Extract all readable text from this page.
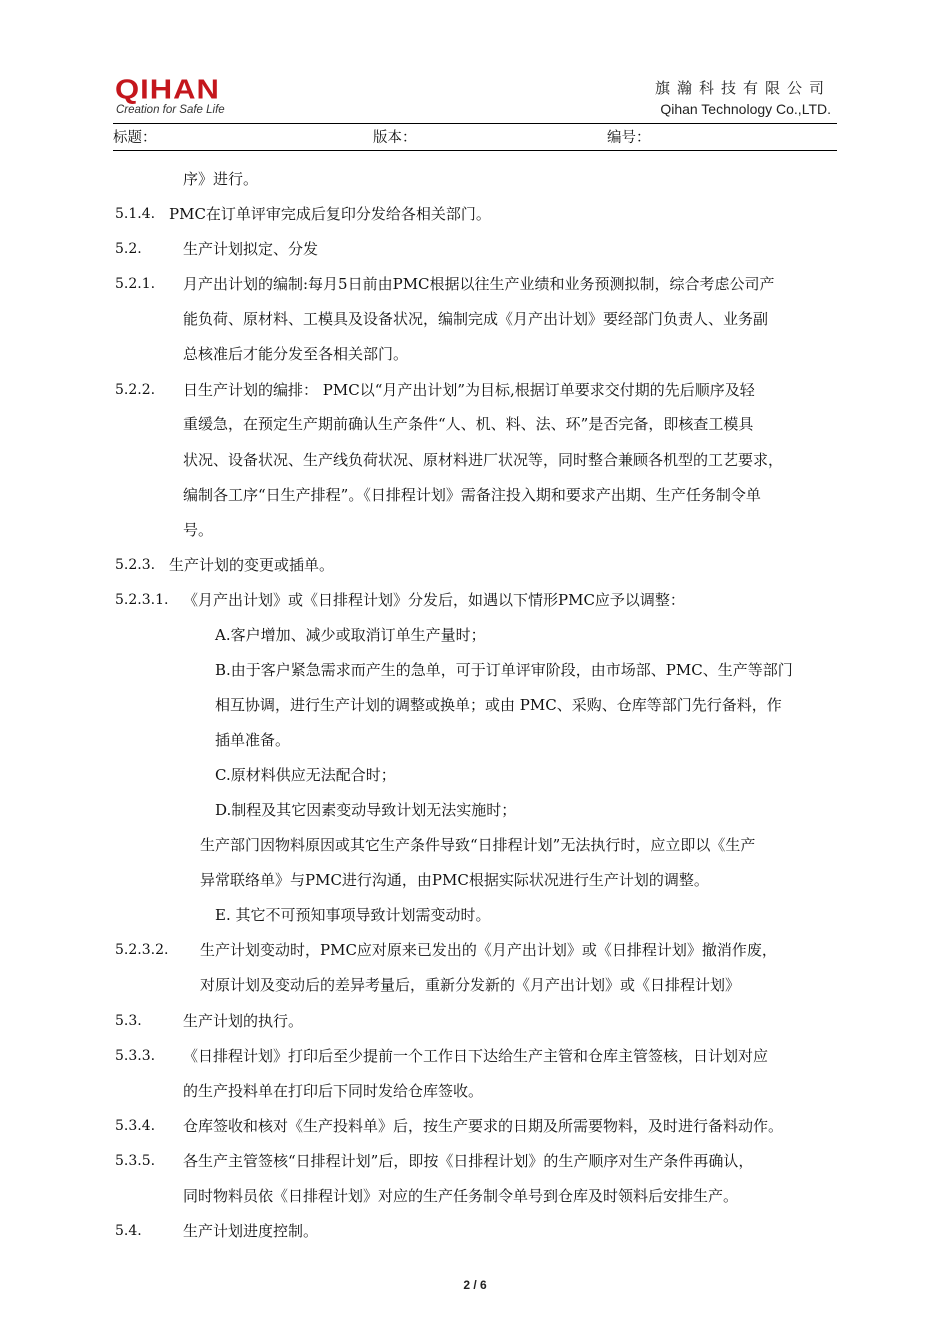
QIHAN
Creation for Safe Life
旗瀚科技有限公司
Qihan Technology Co.,LTD.
标题：	版本：	编号：
序》进行。
5.1.4. PMC在订单评审完成后复印分发给各相关部门。
5.2.	生产计划拟定、分发
5.2.1. 月产出计划的编制:每月5日前由PMC根据以往生产业绩和业务预测拟制，综合考虑公司产
能负荷、原材料、工模具及设备状况，编制完成《月产出计划》要经部门负责人、业务副
总核准后才能分发至各相关部门。
5.2.2. 日生产计划的编排： PMC以“月产出计划”为目标,根据订单要求交付期的先后顺序及轻
重缓急，在预定生产期前确认生产条件“人、机、料、法、环”是否完备，即核查工模具
状况、设备状况、生产线负荷状况、原材料进厂状况等，同时整合兼顾各机型的工艺要求，
编制各工序“日生产排程”。《日排程计划》需备注投入期和要求产出期、生产任务制令单
号。
5.2.3. 生产计划的变更或插单。
5.2.3.1. 《月产出计划》或《日排程计划》分发后，如遇以下情形PMC应予以调整：
A.客户增加、减少或取消订单生产量时；
B.由于客户紧急需求而产生的急单，可于订单评审阶段，由市场部、PMC、生产等部门
相互协调，进行生产计划的调整或换单；或由 PMC、采购、仓库等部门先行备料，作
插单准备。
C.原材料供应无法配合时；
D.制程及其它因素变动导致计划无法实施时；
生产部门因物料原因或其它生产条件导致“日排程计划”无法执行时，应立即以《生产
异常联络单》与PMC进行沟通，由PMC根据实际状况进行生产计划的调整。
E. 其它不可预知事项导致计划需变动时。
5.2.3.2. 生产计划变动时，PMC应对原来已发出的《月产出计划》或《日排程计划》撤消作废，
对原计划及变动后的差异考量后，重新分发新的《月产出计划》或《日排程计划》
5.3.	生产计划的执行。
5.3.3. 《日排程计划》打印后至少提前一个工作日下达给生产主管和仓库主管签核，日计划对应
的生产投料单在打印后下同时发给仓库签收。
5.3.4. 仓库签收和核对《生产投料单》后，按生产要求的日期及所需要物料，及时进行备料动作。
5.3.5. 各生产主管签核“日排程计划”后，即按《日排程计划》的生产顺序对生产条件再确认，
同时物料员依《日排程计划》对应的生产任务制令单号到仓库及时领料后安排生产。
5.4.	生产计划进度控制。
2 / 6
